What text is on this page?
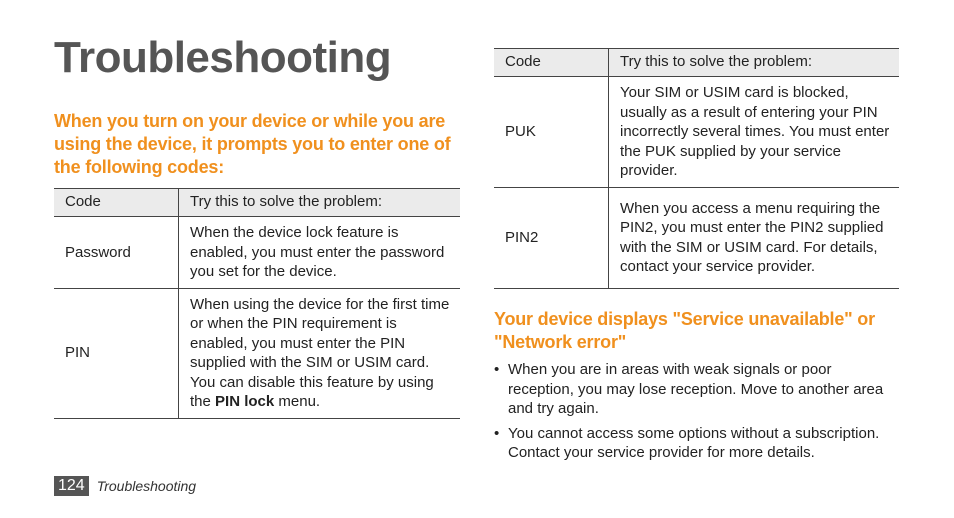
Troubleshooting
When you turn on your device or while you are using the device, it prompts you to enter one of the following codes:
Code	Try this to solve the problem:
Password	When the device lock feature is enabled, you must enter the password you set for the device.
PIN	When using the device for the first time or when the PIN requirement is enabled, you must enter the PIN supplied with the SIM or USIM card. You can disable this feature by using the PIN lock menu.
Code	Try this to solve the problem:
PUK	Your SIM or USIM card is blocked, usually as a result of entering your PIN incorrectly several times. You must enter the PUK supplied by your service provider.
PIN2	When you access a menu requiring the PIN2, you must enter the PIN2 supplied with the SIM or USIM card. For details, contact your service provider.
Your device displays "Service unavailable" or "Network error"
• When you are in areas with weak signals or poor reception, you may lose reception. Move to another area and try again.
• You cannot access some options without a subscription. Contact your service provider for more details.
124 Troubleshooting
